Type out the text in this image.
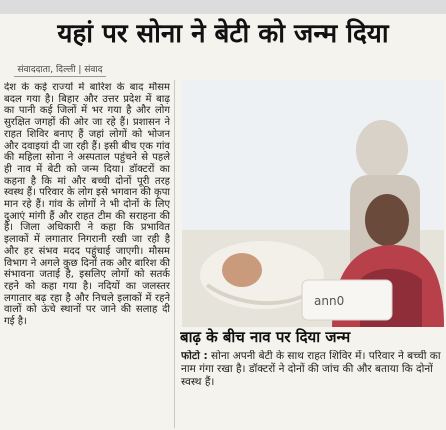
यहां पर सोना ने बेटी को जन्म दिया
संवाददाता, दिल्ली | संवाद

देश के कई राज्यों में बारिश के बाद मौसम बदल गया है। बिहार और उत्तर प्रदेश में बाढ़ का पानी कई जिलों में भर गया है और लोग सुरक्षित जगहों की ओर जा रहे हैं। प्रशासन ने राहत शिविर बनाए हैं जहां लोगों को भोजन और दवाइयां दी जा रही हैं। इसी बीच एक गांव की महिला सोना ने अस्पताल पहुंचने से पहले ही नाव में बेटी को जन्म दिया। डॉक्टरों का कहना है कि मां और बच्ची दोनों पूरी तरह स्वस्थ हैं। परिवार के लोग इसे भगवान की कृपा मान रहे हैं। गांव के लोगों ने भी दोनों के लिए दुआएं मांगी हैं और राहत टीम की सराहना की है। जिला अधिकारी ने कहा कि प्रभावित इलाकों में लगातार निगरानी रखी जा रही है और हर संभव मदद पहुंचाई जाएगी। मौसम विभाग ने अगले कुछ दिनों तक और बारिश की संभावना जताई है, इसलिए लोगों को सतर्क रहने को कहा गया है। नदियों का जलस्तर लगातार बढ़ रहा है और निचले इलाकों में रहने वालों को ऊंचे स्थानों पर जाने की सलाह दी गई है।

ann0
बाढ़ के बीच नाव पर दिया जन्म

फोटो : सोना अपनी बेटी के साथ राहत शिविर में। परिवार ने बच्ची का नाम गंगा रखा है। डॉक्टरों ने दोनों की जांच की और बताया कि दोनों स्वस्थ हैं।
